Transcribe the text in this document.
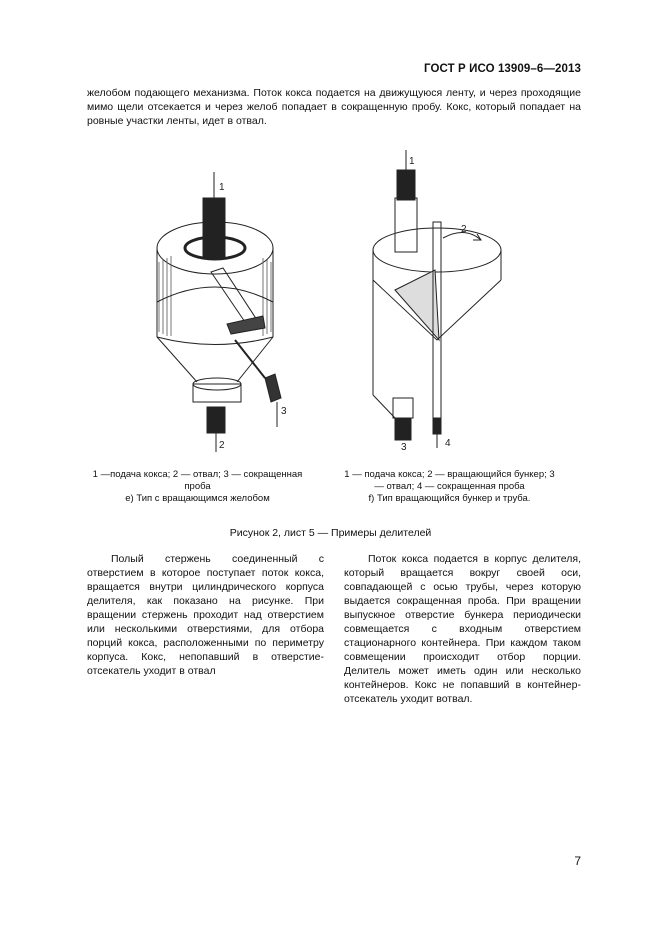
ГОСТ Р ИСО 13909–6—2013

желобом подающего механизма. Поток кокса подается на движущуюся ленту, и через проходящие мимо щели отсекается и через желоб попадает в сокращенную пробу. Кокс, который попадает на ровные участки ленты, идет в отвал.

1
2
3
1
2
3	4
1 —подача кокса; 2 — отвал; 3 — сокращенная
проба
е) Тип с вращающимся желобом
1 — подача кокса; 2 — вращающийся бункер; 3
— отвал; 4 — сокращенная проба
f) Тип вращающийся бункер и труба.
Рисунок 2, лист 5 — Примеры делителей

Полый стержень соединенный с отверстием в которое поступает поток кокса, вращается внутри цилиндрического корпуса делителя, как показано на рисунке. При вращении стержень проходит над отверстием или несколькими отверстиями, для отбора порций кокса, расположенными по периметру корпуса. Кокс, непопавший в отверстие-отсекатель уходит в отвал

Поток кокса подается в корпус делителя, который вращается вокруг своей оси, совпадающей с осью трубы, через которую выдается сокращенная проба. При вращении выпускное отверстие бункера периодически совмещается с входным отверстием стационарного контейнера. При каждом таком совмещении происходит отбор порции. Делитель может иметь один или несколько контейнеров. Кокс не попавший в контейнер-отсекатель уходит вотвал.

7
